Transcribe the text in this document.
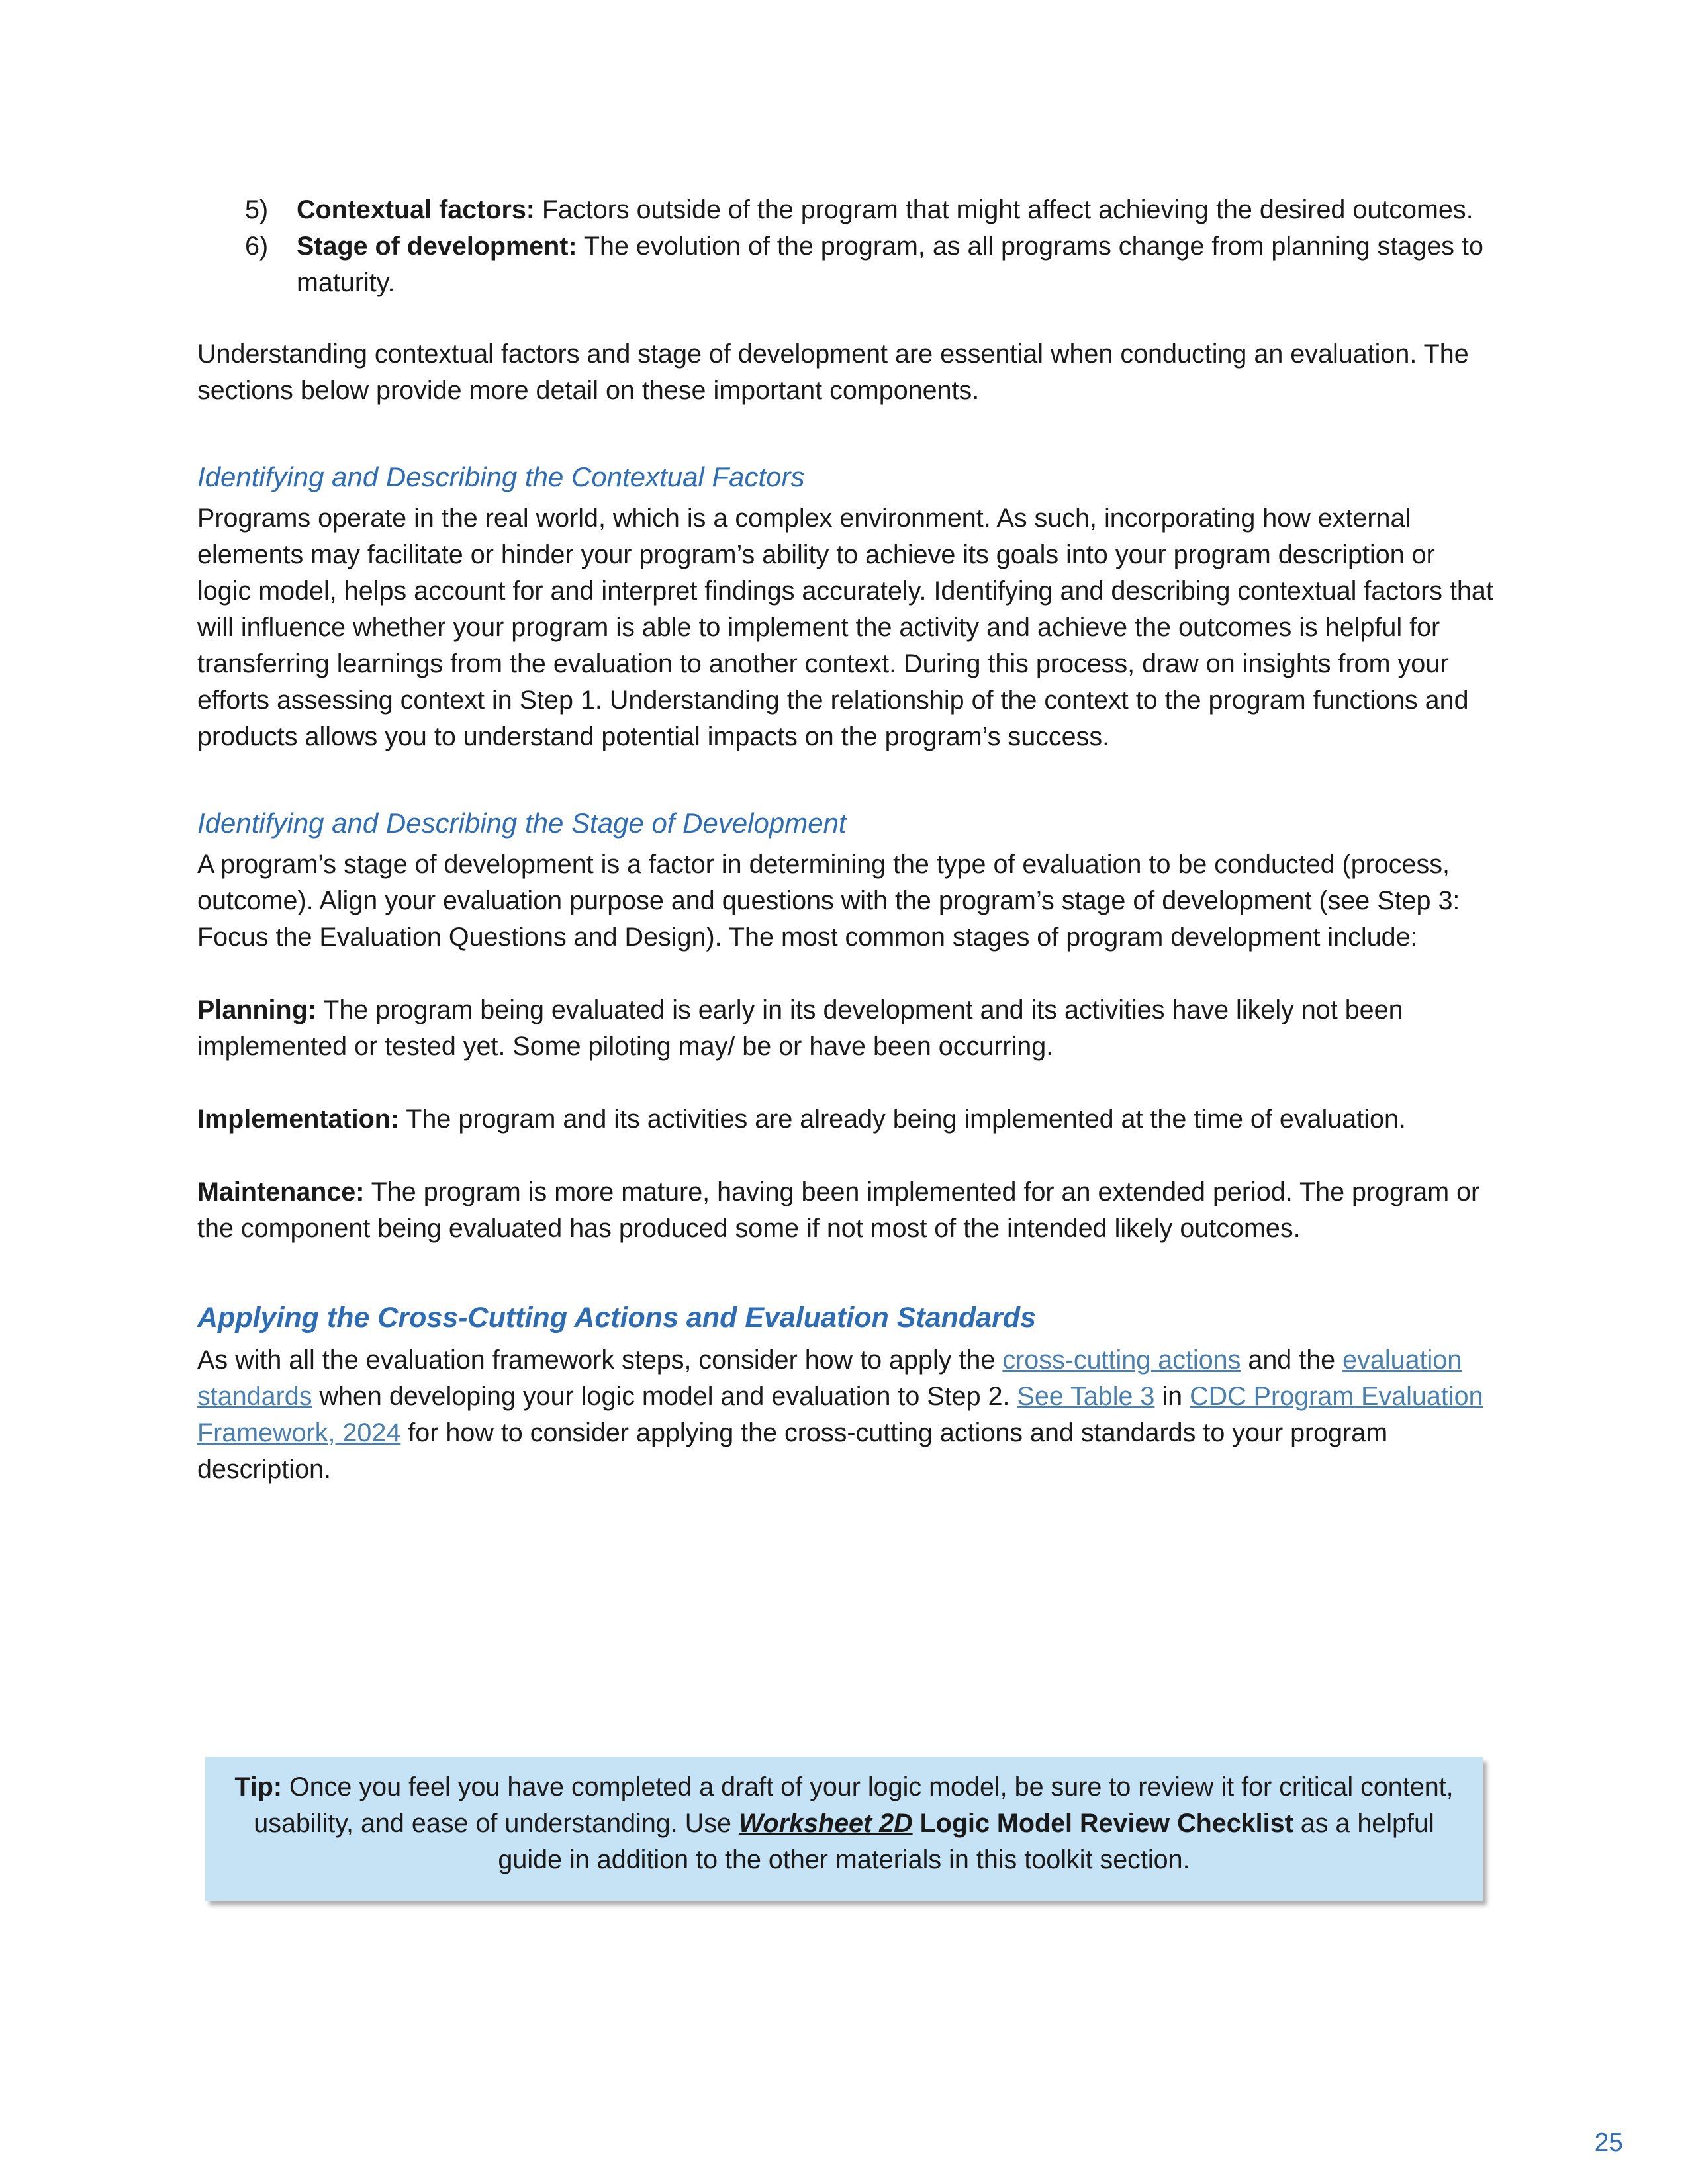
5) Contextual factors: Factors outside of the program that might affect achieving the desired outcomes.
6) Stage of development: The evolution of the program, as all programs change from planning stages to maturity.

Understanding contextual factors and stage of development are essential when conducting an evaluation. The sections below provide more detail on these important components.

Identifying and Describing the Contextual Factors

Programs operate in the real world, which is a complex environment. As such, incorporating how external elements may facilitate or hinder your program’s ability to achieve its goals into your program description or logic model, helps account for and interpret findings accurately. Identifying and describing contextual factors that will influence whether your program is able to implement the activity and achieve the outcomes is helpful for transferring learnings from the evaluation to another context. During this process, draw on insights from your efforts assessing context in Step 1. Understanding the relationship of the context to the program functions and products allows you to understand potential impacts on the program’s success.

Identifying and Describing the Stage of Development

A program’s stage of development is a factor in determining the type of evaluation to be conducted (process, outcome). Align your evaluation purpose and questions with the program’s stage of development (see Step 3: Focus the Evaluation Questions and Design). The most common stages of program development include:

Planning: The program being evaluated is early in its development and its activities have likely not been implemented or tested yet. Some piloting may/ be or have been occurring.

Implementation: The program and its activities are already being implemented at the time of evaluation.

Maintenance: The program is more mature, having been implemented for an extended period. The program or the component being evaluated has produced some if not most of the intended likely outcomes.

Applying the Cross-Cutting Actions and Evaluation Standards

As with all the evaluation framework steps, consider how to apply the cross-cutting actions and the evaluation standards when developing your logic model and evaluation to Step 2. See Table 3 in CDC Program Evaluation Framework, 2024 for how to consider applying the cross-cutting actions and standards to your program description.

Tip: Once you feel you have completed a draft of your logic model, be sure to review it for critical content, usability, and ease of understanding. Use Worksheet 2D Logic Model Review Checklist as a helpful guide in addition to the other materials in this toolkit section.
25
